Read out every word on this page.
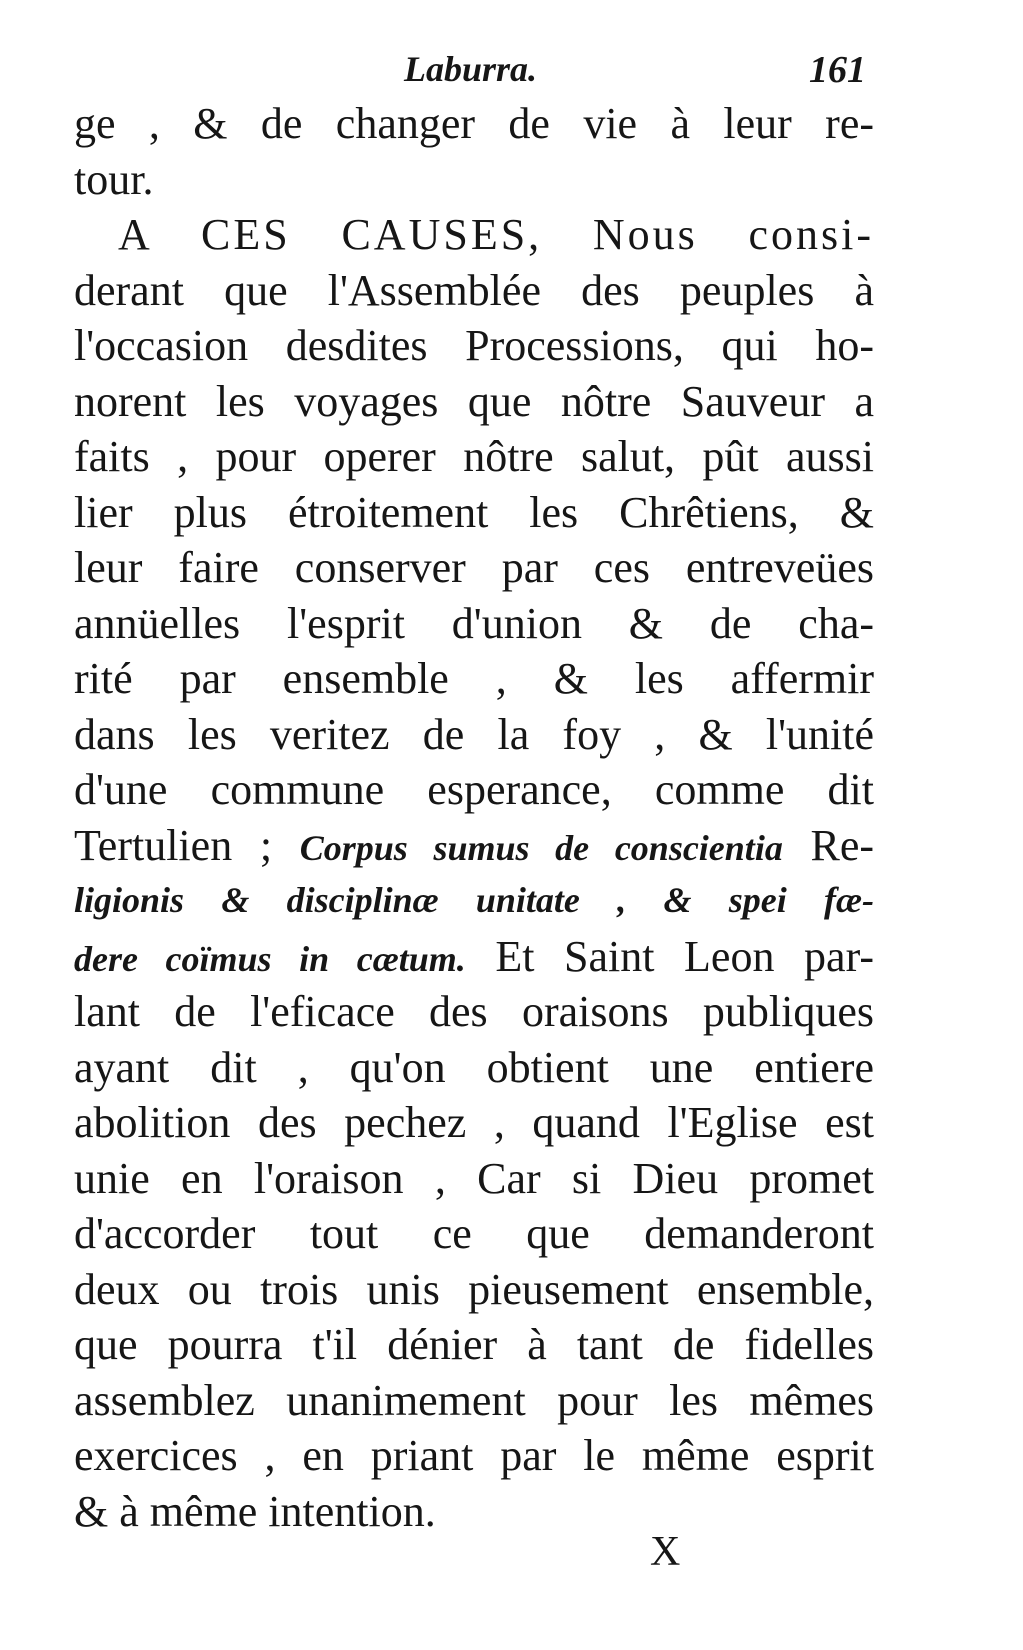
Laburra.	161
ge , & de changer de vie à leur re-
tour.
A CES CAUSES, Nous consi-
derant que l'Assemblée des peuples à
l'occasion desdites Processions, qui ho-
norent les voyages que nôtre Sauveur a
faits , pour operer nôtre salut, pût aussi
lier plus étroitement les Chrêtiens, &
leur faire conserver par ces entreveües
annüelles l'esprit d'union & de cha-
rité par ensemble , & les affermir
dans les veritez de la foy , & l'unité
d'une commune esperance, comme dit
Tertulien ; Corpus sumus de conscientia Re-
ligionis & disciplinæ unitate , & spei fæ-
dere coïmus in cætum. Et Saint Leon par-
lant de l'eficace des oraisons publiques
ayant dit , qu'on obtient une entiere
abolition des pechez , quand l'Eglise est
unie en l'oraison , Car si Dieu promet
d'accorder tout ce que demanderont
deux ou trois unis pieusement ensemble,
que pourra t'il dénier à tant de fidelles
assemblez unanimement pour les mêmes
exercices , en priant par le même esprit
& à même intention.
X
